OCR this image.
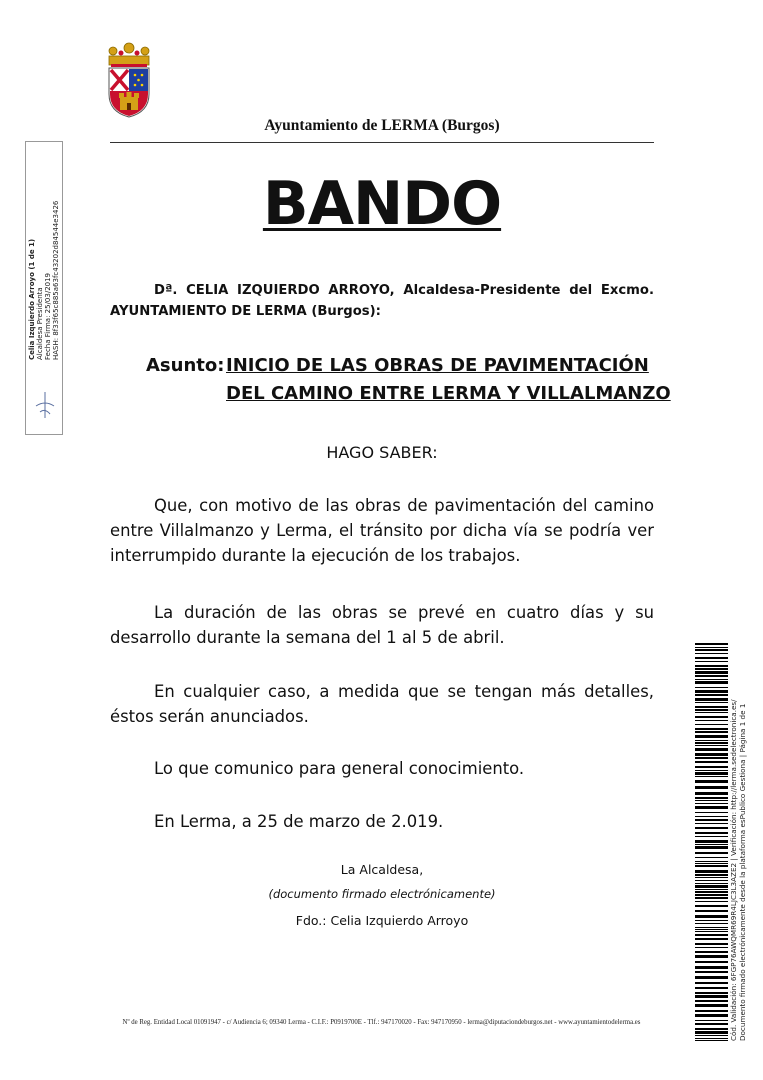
Ayuntamiento de LERMA (Burgos)
BANDO
Dª. CELIA IZQUIERDO ARROYO, Alcaldesa-Presidente del Excmo. AYUNTAMIENTO DE LERMA (Burgos):
Asunto: INICIO DE LAS OBRAS DE PAVIMENTACIÓN
DEL CAMINO ENTRE LERMA Y VILLALMANZO
HAGO SABER:
Que, con motivo de las obras de pavimentación del camino entre Villalmanzo y Lerma, el tránsito por dicha vía se podría ver interrumpido durante la ejecución de los trabajos.
La duración de las obras se prevé en cuatro días y su desarrollo durante la semana del 1 al 5 de abril.
En cualquier caso, a medida que se tengan más detalles, éstos serán anunciados.
Lo que comunico para general conocimiento.
En Lerma, a 25 de marzo de 2.019.
La Alcaldesa,
(documento firmado electrónicamente)
Fdo.: Celia Izquierdo Arroyo
Nº de Reg. Entidad Local 01091947 - c/ Audiencia 6; 09340 Lerma - C.I.F.: P0919700E - Tlf.: 947170020 - Fax: 947170950 - lerma@diputaciondeburgos.net - www.ayuntamientodelerma.es
Celia Izquierdo Arroyo (1 de 1) Alcaldesa Presidenta Fecha Firma: 25/03/2019 HASH: 8f33f65c885a63fc43202d84544e3426
Cód. Validación: 6FGP76AWQMR69R4LJC3L3AZE2 | Verificación: http://lerma.sedelectronica.es/ Documento firmado electrónicamente desde la plataforma esPublico Gestiona | Página 1 de 1
